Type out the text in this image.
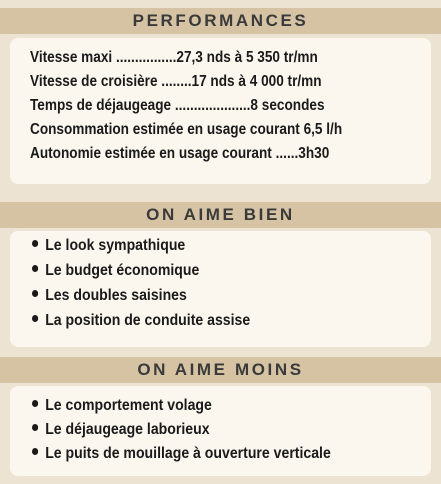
PERFORMANCES
Vitesse maxi ................27,3 nds à 5 350 tr/mn
Vitesse de croisière ........17 nds à 4 000 tr/mn
Temps de déjaugeage ....................8 secondes
Consommation estimée en usage courant 6,5 l/h
Autonomie estimée en usage courant ......3h30
ON AIME BIEN
Le look sympathique
Le budget économique
Les doubles saisines
La position de conduite assise
ON AIME MOINS
Le comportement volage
Le déjaugeage laborieux
Le puits de mouillage à ouverture verticale
